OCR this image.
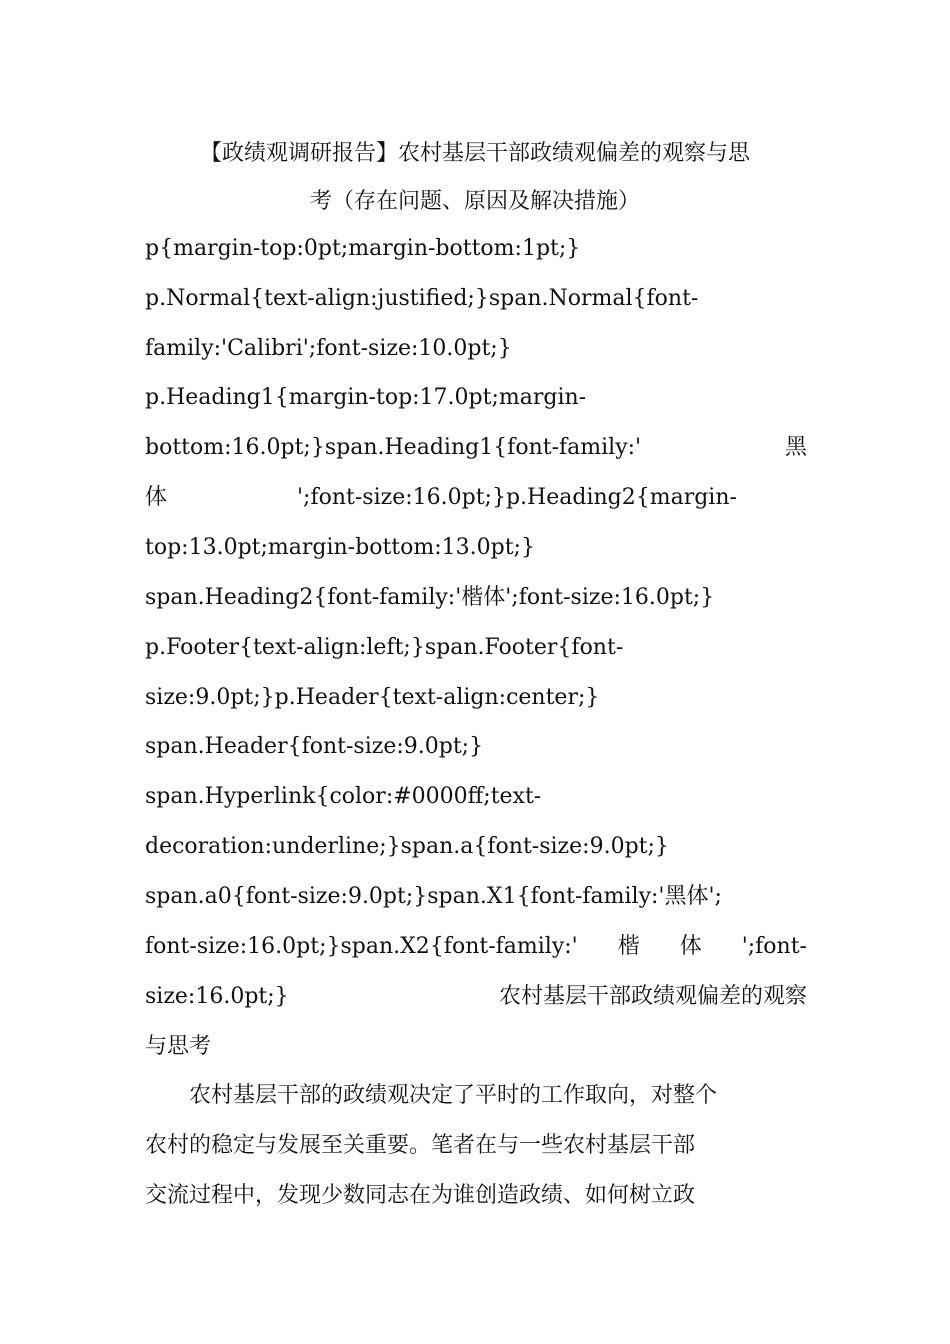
【政绩观调研报告】农村基层干部政绩观偏差的观察与思
考（存在问题、原因及解决措施）
p{margin-top:0pt;margin-bottom:1pt;}
p.Normal{text-align:justified;}span.Normal{font-
family:'Calibri';font-size:10.0pt;}
p.Heading1{margin-top:17.0pt;margin-
bottom:16.0pt;}span.Heading1{font-family:'	黑
体	';font-size:16.0pt;}p.Heading2{margin-
top:13.0pt;margin-bottom:13.0pt;}
span.Heading2{font-family:'楷体';font-size:16.0pt;}
p.Footer{text-align:left;}span.Footer{font-
size:9.0pt;}p.Header{text-align:center;}
span.Header{font-size:9.0pt;}
span.Hyperlink{color:#0000ff;text-
decoration:underline;}span.a{font-size:9.0pt;}
span.a0{font-size:9.0pt;}span.X1{font-family:'黑体';
font-size:16.0pt;}span.X2{font-family:' 楷 体 ';font-
size:16.0pt;}	农村基层干部政绩观偏差的观察
与思考
农村基层干部的政绩观决定了平时的工作取向，对整个
农村的稳定与发展至关重要。笔者在与一些农村基层干部
交流过程中，发现少数同志在为谁创造政绩、如何树立政
